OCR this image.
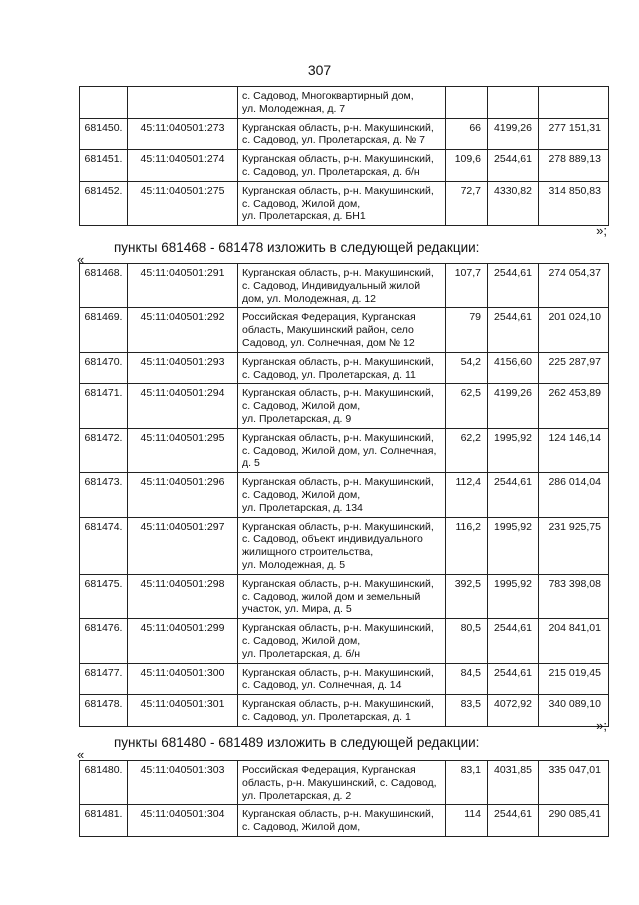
307

		с. Садовод, Многоквартирный дом,
ул. Молодежная, д. 7			

681450.	45:11:040501:273	Курганская область, р-н. Макушинский,
с. Садовод, ул. Пролетарская, д. № 7	66	4199,26	277 151,31
681451.	45:11:040501:274	Курганская область, р-н. Макушинский,
с. Садовод, ул. Пролетарская, д. б/н	109,6	2544,61	278 889,13
681452.	45:11:040501:275	Курганская область, р-н. Макушинский,
с. Садовод, Жилой дом,
ул. Пролетарская, д. БН1	72,7	4330,82	314 850,83
»;
пункты 681468 - 681478 изложить в следующей редакции:
«
681468.	45:11:040501:291	Курганская область, р-н. Макушинский,
с. Садовод, Индивидуальный жилой
дом, ул. Молодежная, д. 12	107,7	2544,61	274 054,37
681469.	45:11:040501:292	Российская Федерация, Курганская
область, Макушинский район, село
Садовод, ул. Солнечная, дом № 12	79	2544,61	201 024,10
681470.	45:11:040501:293	Курганская область, р-н. Макушинский,
с. Садовод, ул. Пролетарская, д. 11	54,2	4156,60	225 287,97
681471.	45:11:040501:294	Курганская область, р-н. Макушинский,
с. Садовод, Жилой дом,
ул. Пролетарская, д. 9	62,5	4199,26	262 453,89
681472.	45:11:040501:295	Курганская область, р-н. Макушинский,
с. Садовод, Жилой дом, ул. Солнечная,
д. 5	62,2	1995,92	124 146,14
681473.	45:11:040501:296	Курганская область, р-н. Макушинский,
с. Садовод, Жилой дом,
ул. Пролетарская, д. 134	112,4	2544,61	286 014,04
681474.	45:11:040501:297	Курганская область, р-н. Макушинский,
с. Садовод, объект индивидуального
жилищного строительства,
ул. Молодежная, д. 5	116,2	1995,92	231 925,75
681475.	45:11:040501:298	Курганская область, р-н. Макушинский,
с. Садовод, жилой дом и земельный
участок, ул. Мира, д. 5	392,5	1995,92	783 398,08
681476.	45:11:040501:299	Курганская область, р-н. Макушинский,
с. Садовод, Жилой дом,
ул. Пролетарская, д. б/н	80,5	2544,61	204 841,01
681477.	45:11:040501:300	Курганская область, р-н. Макушинский,
с. Садовод, ул. Солнечная, д. 14	84,5	2544,61	215 019,45
681478.	45:11:040501:301	Курганская область, р-н. Макушинский,
с. Садовод, ул. Пролетарская, д. 1	83,5	4072,92	340 089,10
»;
пункты 681480 - 681489 изложить в следующей редакции:
«
681480.	45:11:040501:303	Российская Федерация, Курганская
область, р-н. Макушинский, с. Садовод,
ул. Пролетарская, д. 2	83,1	4031,85	335 047,01
681481.	45:11:040501:304	Курганская область, р-н. Макушинский,
с. Садовод, Жилой дом,	114	2544,61	290 085,41
